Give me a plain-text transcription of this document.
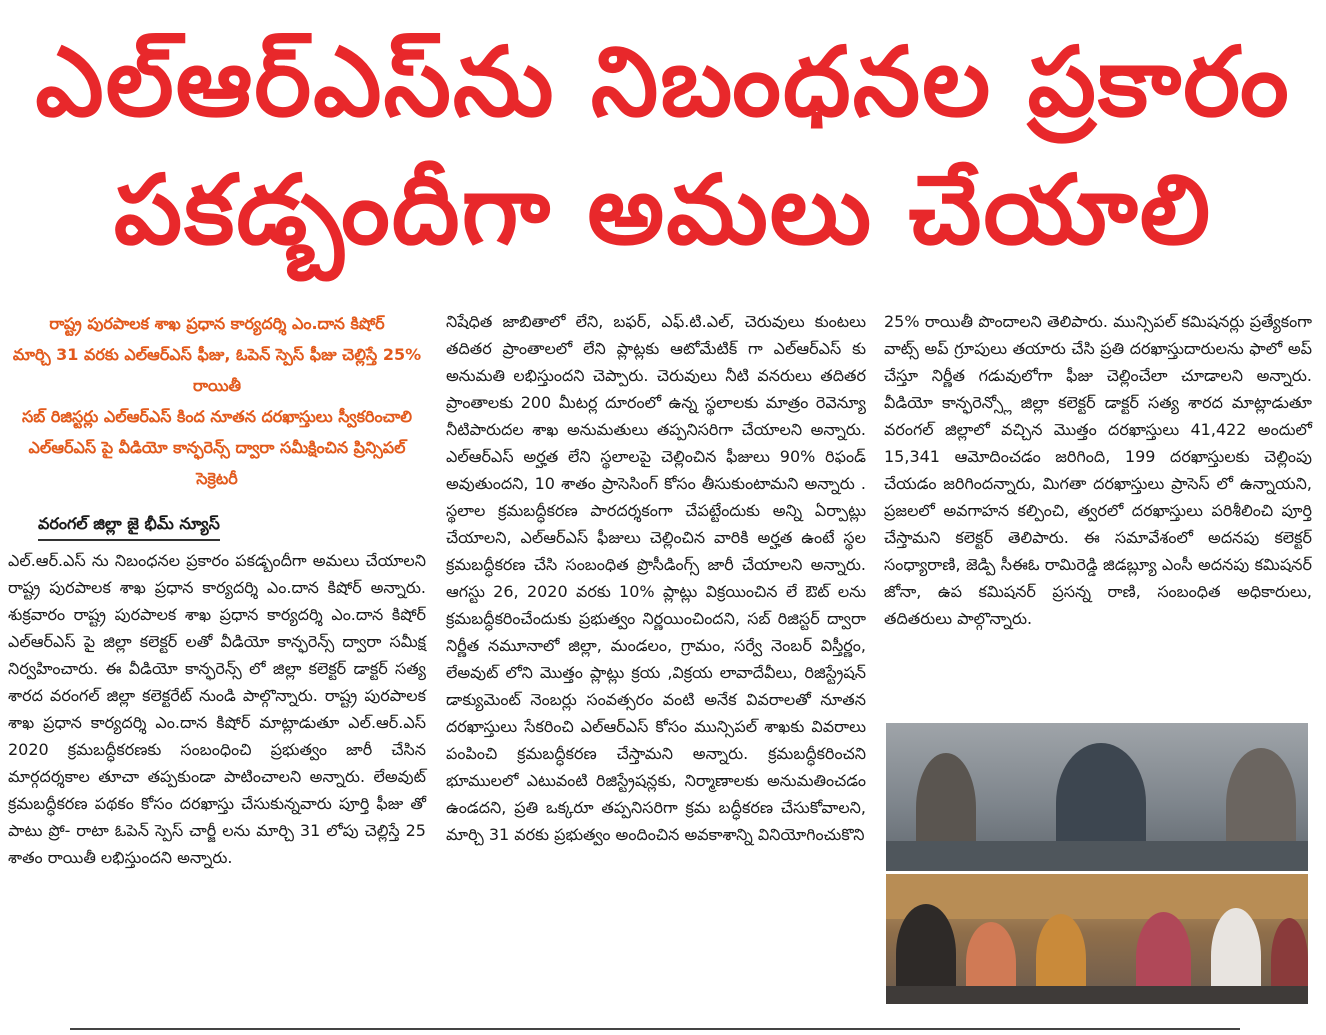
ఎల్ఆర్ఎస్‌ను నిబంధనల ప్రకారం
పకడ్బందీగా అమలు చేయాలి

రాష్ట్ర పురపాలక శాఖ ప్రధాన కార్యదర్శి ఎం.దాన కిషోర్

మార్చి 31 వరకు ఎల్ఆర్ఎస్ ఫీజు, ఓపెన్ స్పెస్ ఫీజు చెల్లిస్తే 25% రాయితీ

సబ్ రిజిస్టర్లు ఎల్ఆర్ఎస్ కింద నూతన దరఖాస్తులు స్వీకరించాలి

ఎల్ఆర్ఎస్ పై వీడియో కాన్ఫరెన్స్ ద్వారా సమీక్షించిన ప్రిన్సిపల్ సెక్రెటరీ

వరంగల్ జిల్లా జై భీమ్ న్యూస్

ఎల్.ఆర్.ఎస్ ను నిబంధనల ప్రకారం పకడ్బందీగా అమలు చేయాలని రాష్ట్ర పురపాలక శాఖ ప్రధాన కార్యదర్శి ఎం.దాన కిషోర్ అన్నారు. శుక్రవారం రాష్ట్ర పురపాలక శాఖ ప్రధాన కార్యదర్శి ఎం.దాన కిషోర్ ఎల్ఆర్ఎస్ పై జిల్లా కలెక్టర్ లతో వీడియో కాన్ఫరెన్స్ ద్వారా సమీక్ష నిర్వహించారు. ఈ వీడియో కాన్ఫరెన్స్ లో జిల్లా కలెక్టర్ డాక్టర్ సత్య శారద వరంగల్ జిల్లా కలెక్టరేట్ నుండి పాల్గొన్నారు. రాష్ట్ర పురపాలక శాఖ ప్రధాన కార్యదర్శి ఎం.దాన కిషోర్ మాట్లాడుతూ ఎల్.ఆర్.ఎస్ 2020 క్రమబద్ధీకరణకు సంబంధించి ప్రభుత్వం జారీ చేసిన మార్గదర్శకాల తూచా తప్పకుండా పాటించాలని అన్నారు. లేఅవుట్ క్రమబద్ధీకరణ పథకం కోసం దరఖాస్తు చేసుకున్నవారు పూర్తి ఫీజు తో పాటు ప్రో- రాటా ఓపెన్ స్పెస్ చార్జీ లను మార్చి 31 లోపు చెల్లిస్తే 25 శాతం రాయితీ లభిస్తుందని అన్నారు.

నిషేధిత జాబితాలో లేని, బఫర్, ఎఫ్.టి.ఎల్, చెరువులు కుంటలు తదితర ప్రాంతాలలో లేని ప్లాట్లకు ఆటోమేటిక్ గా ఎల్ఆర్ఎస్ కు అనుమతి లభిస్తుందని చెప్పారు. చెరువులు నీటి వనరులు తదితర ప్రాంతాలకు 200 మీటర్ల దూరంలో ఉన్న స్థలాలకు మాత్రం రెవెన్యూ నీటిపారుదల శాఖ అనుమతులు తప్పనిసరిగా చేయాలని అన్నారు. ఎల్ఆర్ఎస్ అర్హత లేని స్థలాలపై చెల్లించిన ఫీజులు 90% రిఫండ్ అవుతుందని, 10 శాతం ప్రాసెసింగ్ కోసం తీసుకుంటామని అన్నారు . స్థలాల క్రమబద్ధీకరణ పారదర్శకంగా చేపట్టేందుకు అన్ని ఏర్పాట్లు చేయాలని, ఎల్ఆర్ఎస్ ఫీజులు చెల్లించిన వారికి అర్హత ఉంటే స్థల క్రమబద్ధీకరణ చేసి సంబంధిత ప్రొసీడింగ్స్ జారీ చేయాలని అన్నారు. ఆగస్టు 26, 2020 వరకు 10% ప్లాట్లు విక్రయించిన లే ఔట్ లను క్రమబద్ధీకరించేందుకు ప్రభుత్వం నిర్ణయించిందని, సబ్ రిజిస్టర్ ద్వారా నిర్ణీత నమూనాలో జిల్లా, మండలం, గ్రామం, సర్వే నెంబర్ విస్తీర్ణం, లేఅవుట్ లోని మొత్తం ప్లాట్లు క్రయ ,విక్రయ లావాదేవీలు, రిజిస్ట్రేషన్ డాక్యుమెంట్ నెంబర్లు సంవత్సరం వంటి అనేక వివరాలతో నూతన దరఖాస్తులు సేకరించి ఎల్ఆర్ఎస్ కోసం మున్సిపల్ శాఖకు వివరాలు పంపించి క్రమబద్ధీకరణ చేస్తామని అన్నారు. క్రమబద్ధీకరించని భూములలో ఎటువంటి రిజిస్ట్రేషన్లకు, నిర్మాణాలకు అనుమతించడం ఉండదని, ప్రతి ఒక్కరూ తప్పనిసరిగా క్రమ బద్ధీకరణ చేసుకోవాలని, మార్చి 31 వరకు ప్రభుత్వం అందించిన అవకాశాన్ని వినియోగించుకొని

25% రాయితీ పొందాలని తెలిపారు. మున్సిపల్ కమిషనర్లు ప్రత్యేకంగా వాట్స్ అప్ గ్రూపులు తయారు చేసి ప్రతి దరఖాస్తుదారులను ఫాలో అప్ చేస్తూ నిర్ణీత గడువులోగా ఫీజు చెల్లించేలా చూడాలని అన్నారు. వీడియో కాన్ఫరెన్స్లో జిల్లా కలెక్టర్ డాక్టర్ సత్య శారద మాట్లాడుతూ వరంగల్ జిల్లాలో వచ్చిన మొత్తం దరఖాస్తులు 41,422 అందులో 15,341 ఆమోదించడం జరిగింది, 199 దరఖాస్తులకు చెల్లింపు చేయడం జరిగిందన్నారు, మిగతా దరఖాస్తులు ప్రాసెస్ లో ఉన్నాయని, ప్రజలలో అవగాహన కల్పించి, త్వరలో దరఖాస్తులు పరిశీలించి పూర్తి చేస్తామని కలెక్టర్ తెలిపారు. ఈ సమావేశంలో అదనపు కలెక్టర్ సంధ్యారాణి, జెడ్పి సీఈఓ రామిరెడ్డి జిడబ్ల్యూ ఎంసీ అదనపు కమిషనర్ జోనా, ఉప కమిషనర్ ప్రసన్న రాణి, సంబంధిత అధికారులు, తదితరులు పాల్గొన్నారు.
